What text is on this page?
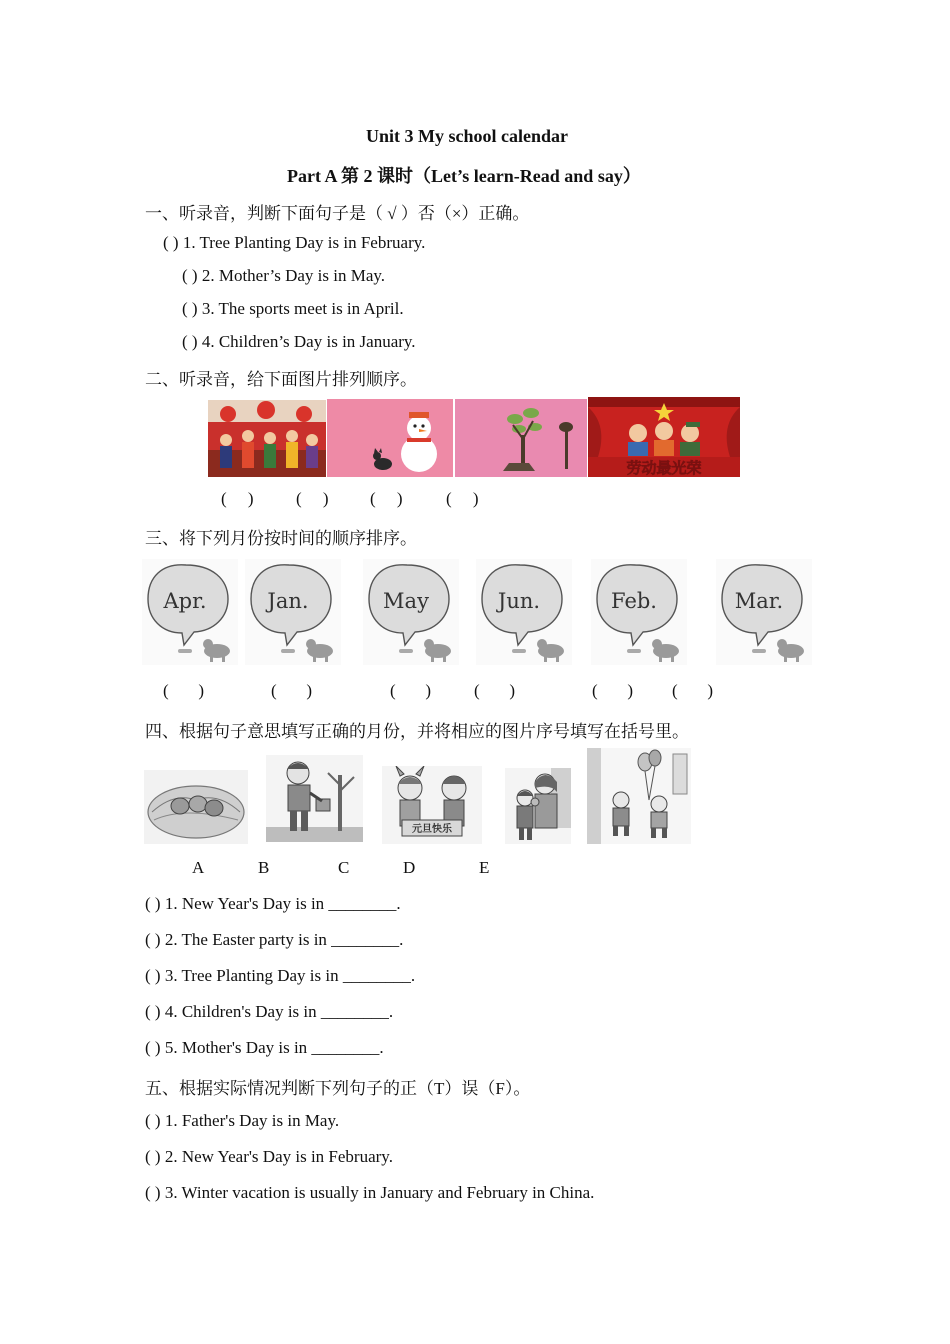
Unit 3 My school calendar
Part A 第 2 课时（Let’s learn-Read and say）
一、听录音，判断下面句子是（ √ ）否（×）正确。
( ) 1. Tree Planting Day is in February.
( ) 2. Mother’s Day is in May.
( ) 3. The sports meet is in April.
( ) 4. Children’s Day is in January.
二、听录音，给下面图片排列顺序。
劳动最光荣
(     ) (     ) (     )	(     )
三、将下列月份按时间的顺序排序。
Apr.	Jan.	May	Jun.	Feb.	Mar.
(       )	(       )	(       )	(       )	(       ) (       )
四、根据句子意思填写正确的月份，并将相应的图片序号填写在括号里。
元旦快乐
A	B	C	D	E
( ) 1. New Year's Day is in ________.
( ) 2. The Easter party is in ________.
( ) 3. Tree Planting Day is in ________.
( ) 4. Children's Day is in ________.
( ) 5. Mother's Day is in ________.
五、根据实际情况判断下列句子的正（T）误（F）。
( ) 1. Father's Day is in May.
( ) 2. New Year's Day is in February.
( ) 3. Winter vacation is usually in January and February in China.
